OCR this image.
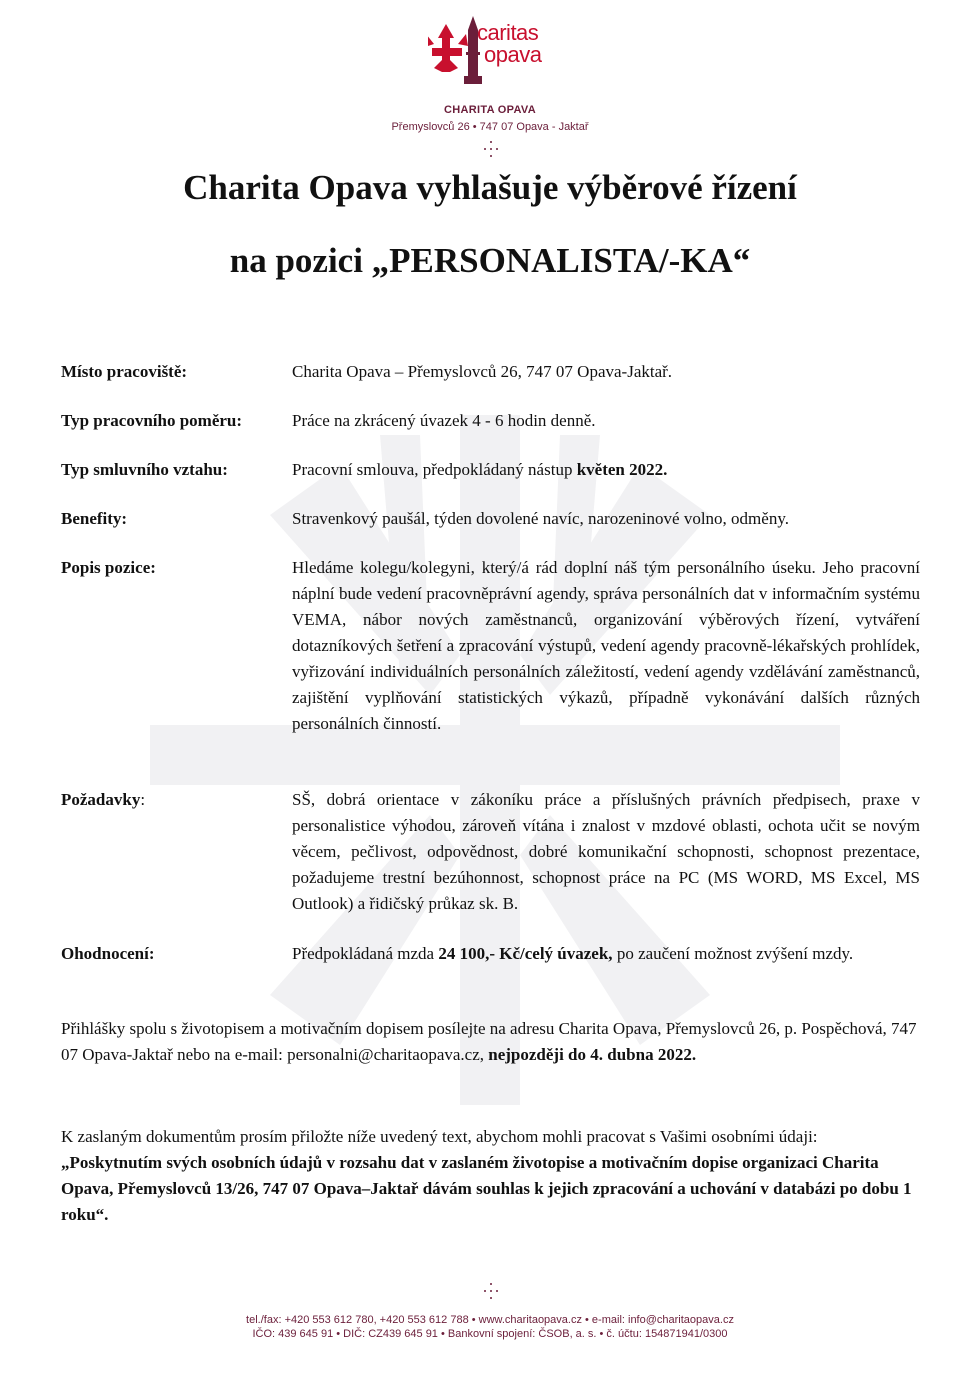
caritas
opava
CHARITA OPAVA
Přemyslovců 26 • 747 07 Opava - Jaktař
Charita Opava vyhlašuje výběrové řízení
na pozici „PERSONALISTA/-KA“
Místo pracoviště:	Charita Opava – Přemyslovců 26, 747 07 Opava-Jaktař.
Typ pracovního poměru:	Práce na zkrácený úvazek 4 - 6 hodin denně.
Typ smluvního vztahu:	Pracovní smlouva, předpokládaný nástup květen 2022.
Benefity:	Stravenkový paušál, týden dovolené navíc, narozeninové volno, odměny.
Popis pozice:	Hledáme kolegu/kolegyni, který/á rád doplní náš tým personálního úseku. Jeho pracovní náplní bude vedení pracovněprávní agendy, správa personálních dat v informačním systému VEMA, nábor nových zaměstnanců, organizování výběrových řízení, vytváření dotazníkových šetření a zpracování výstupů, vedení agendy pracovně-lékařských prohlídek, vyřizování individuálních personálních záležitostí, vedení agendy vzdělávání zaměstnanců, zajištění vyplňování statistických výkazů, případně vykonávání dalších různých personálních činností.
Požadavky:	SŠ, dobrá orientace v zákoníku práce a příslušných právních předpisech, praxe v personalistice výhodou, zároveň vítána i znalost v mzdové oblasti, ochota učit se novým věcem, pečlivost, odpovědnost, dobré komunikační schopnosti, schopnost prezentace, požadujeme trestní bezúhonnost, schopnost práce na PC (MS WORD, MS Excel, MS Outlook) a řidičský průkaz sk. B.
Ohodnocení:	Předpokládaná mzda 24 100,- Kč/celý úvazek, po zaučení možnost zvýšení mzdy.
Přihlášky spolu s životopisem a motivačním dopisem posílejte na adresu Charita Opava, Přemyslovců 26, p. Pospěchová, 747 07 Opava-Jaktař nebo na e-mail: personalni@charitaopava.cz, nejpozději do 4. dubna 2022.
K zaslaným dokumentům prosím přiložte níže uvedený text, abychom mohli pracovat s Vašimi osobními údaji: „Poskytnutím svých osobních údajů v rozsahu dat v zaslaném životopise a motivačním dopise organizaci Charita Opava, Přemyslovců 13/26, 747 07 Opava–Jaktař dávám souhlas k jejich zpracování a uchování v databázi po dobu 1 roku“.
tel./fax: +420 553 612 780, +420 553 612 788 • www.charitaopava.cz • e-mail: info@charitaopava.cz
IČO: 439 645 91 • DIČ: CZ439 645 91 • Bankovní spojení: ČSOB, a. s. • č. účtu: 154871941/0300
